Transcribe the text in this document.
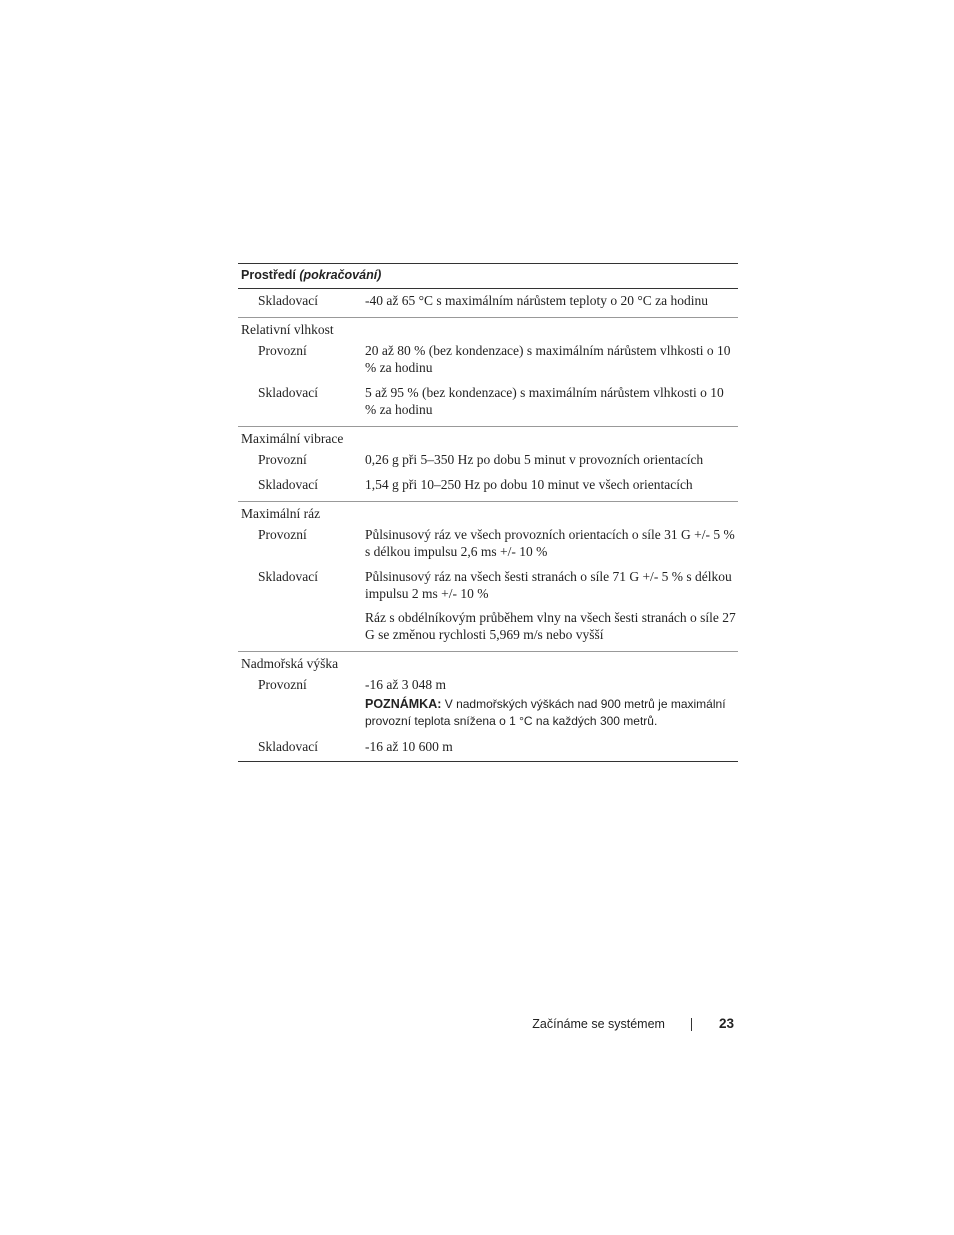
Prostředí (pokračování)
Skladovací	-40 až 65 °C s maximálním nárůstem teploty o 20 °C za hodinu
Relativní vlhkost
Provozní	20 až 80 % (bez kondenzace) s maximálním nárůstem vlhkosti o 10 % za hodinu
Skladovací	5 až 95 % (bez kondenzace) s maximálním nárůstem vlhkosti o 10 % za hodinu
Maximální vibrace
Provozní	0,26 g při 5–350 Hz po dobu 5 minut v provozních orientacích
Skladovací	1,54 g při 10–250 Hz po dobu 10 minut ve všech orientacích
Maximální ráz
Provozní	Půlsinusový ráz ve všech provozních orientacích o síle 31 G +/- 5 % s délkou impulsu 2,6 ms +/- 10 %
Skladovací	Půlsinusový ráz na všech šesti stranách o síle 71 G +/- 5 % s délkou impulsu 2 ms +/- 10 %
Ráz s obdélníkovým průběhem vlny na všech šesti stranách o síle 27 G se změnou rychlosti 5,969 m/s nebo vyšší
Nadmořská výška
Provozní	-16 až 3 048 m
POZNÁMKA: V nadmořských výškách nad 900 metrů je maximální provozní teplota snížena o 1 °C na každých 300 metrů.
Skladovací	-16 až 10 600 m
Začínáme se systémem	23
